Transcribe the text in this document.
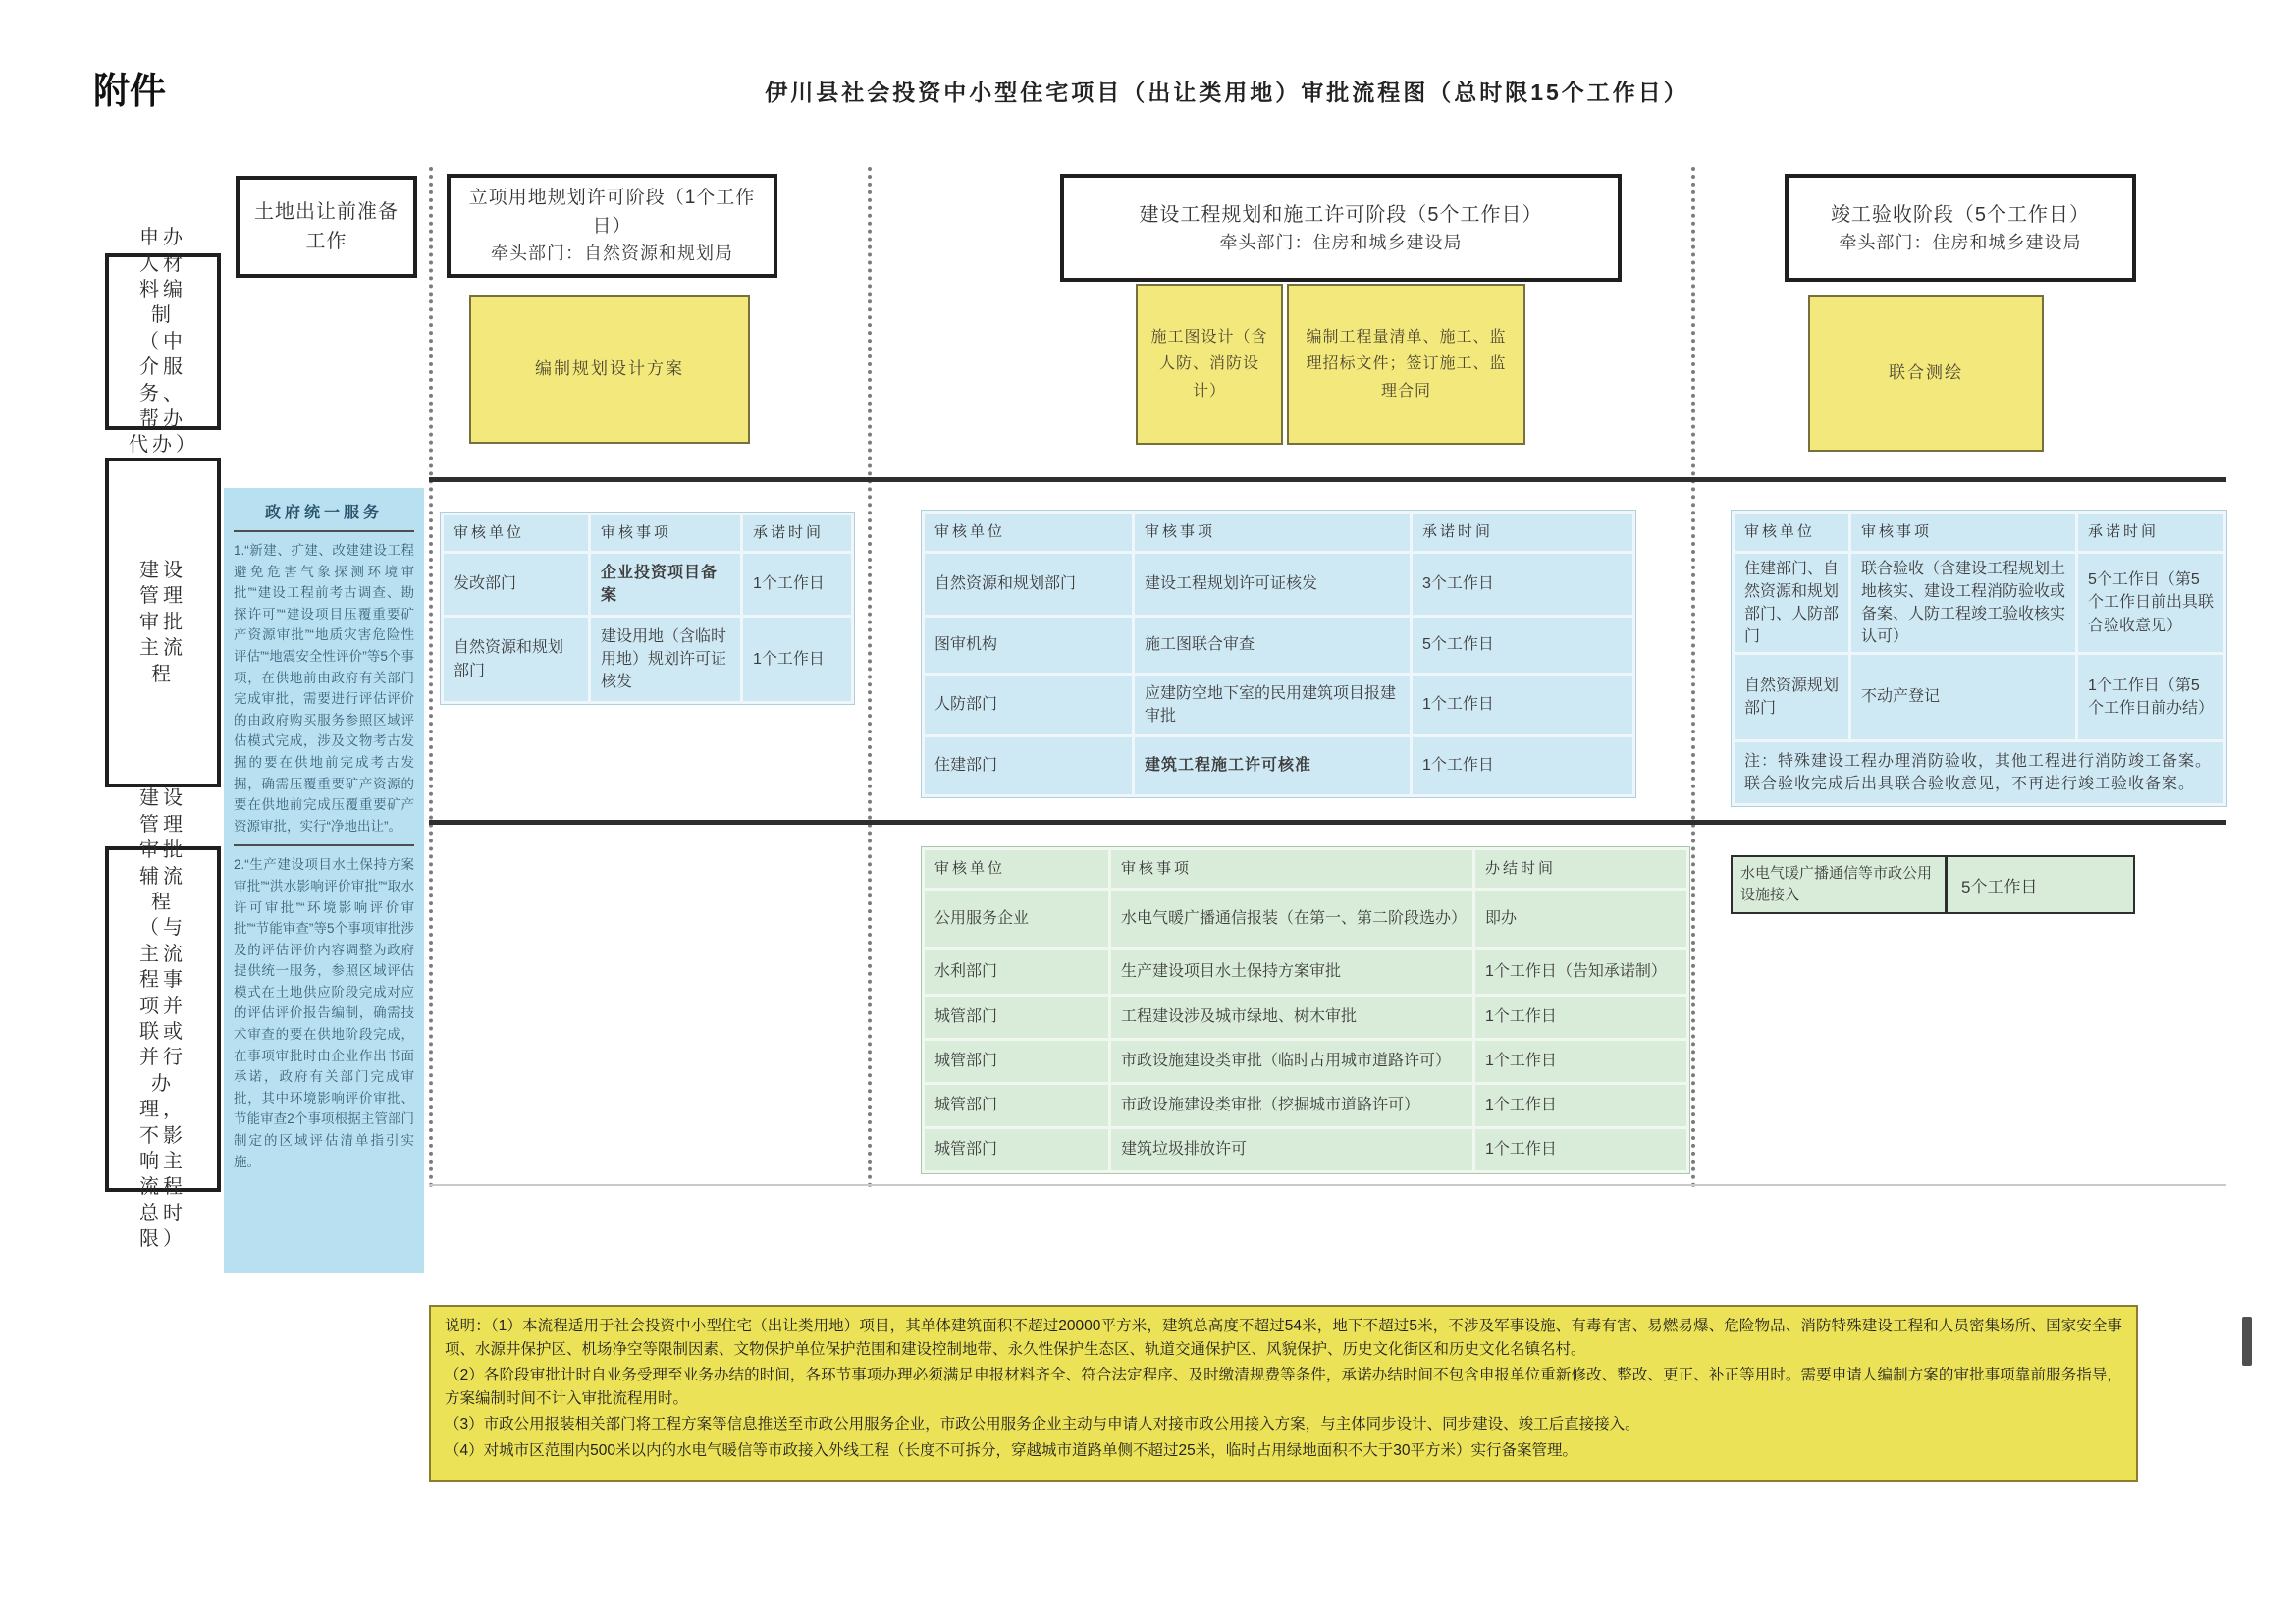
附件	伊川县社会投资中小型住宅项目（出让类用地）审批流程图（总时限15个工作日）
土地出让前准备工作
立项用地规划许可阶段（1个工作日）
牵头部门：自然资源和规划局
建设工程规划和施工许可阶段（5个工作日）
牵头部门：住房和城乡建设局
竣工验收阶段（5个工作日）
牵头部门：住房和城乡建设局
编制规划设计方案
施工图设计（含人防、消防设计）
编制工程量清单、施工、监理招标文件；签订施工、监理合同
联合测绘
申办人材料编制（中介服务、帮办代办）
建设管理审批主流程
建设管理审批辅流程（与主流程事项并联或并行办理，不影响主流程总时限）
政府统一服务

1.“新建、扩建、改建建设工程避免危害气象探测环境审批”“建设工程前考古调查、勘探许可”“建设项目压覆重要矿产资源审批”“地质灾害危险性评估”“地震安全性评价”等5个事项，在供地前由政府有关部门完成审批，需要进行评估评价的由政府购买服务参照区域评估模式完成，涉及文物考古发掘的要在供地前完成考古发掘，确需压覆重要矿产资源的要在供地前完成压覆重要矿产资源审批，实行“净地出让”。

2.“生产建设项目水土保持方案审批”“洪水影响评价审批”“取水许可审批”“环境影响评价审批”“节能审查”等5个事项审批涉及的评估评价内容调整为政府提供统一服务，参照区域评估模式在土地供应阶段完成对应的评估评价报告编制，确需技术审查的要在供地阶段完成，在事项审批时由企业作出书面承诺，政府有关部门完成审批，其中环境影响评价审批、节能审查2个事项根据主管部门制定的区域评估清单指引实施。

审核单位	审核事项	承诺时间
发改部门	企业投资项目备案	1个工作日
自然资源和规划部门	建设用地（含临时用地）规划许可证核发	1个工作日
审核单位	审核事项	承诺时间
自然资源和规划部门	建设工程规划许可证核发	3个工作日
图审机构	施工图联合审查	5个工作日
人防部门	应建防空地下室的民用建筑项目报建审批	1个工作日
住建部门	建筑工程施工许可核准	1个工作日
审核单位	审核事项	承诺时间
住建部门、自然资源和规划部门、人防部门	联合验收（含建设工程规划土地核实、建设工程消防验收或备案、人防工程竣工验收核实认可）	5个工作日（第5个工作日前出具联合验收意见）
自然资源规划部门	不动产登记	1个工作日（第5个工作日前办结）
注：特殊建设工程办理消防验收，其他工程进行消防竣工备案。联合验收完成后出具联合验收意见，不再进行竣工验收备案。		
审核单位	审核事项	办结时间
公用服务企业	水电气暖广播通信报装（在第一、第二阶段选办）	即办
水利部门	生产建设项目水土保持方案审批	1个工作日（告知承诺制）
城管部门	工程建设涉及城市绿地、树木审批	1个工作日
城管部门	市政设施建设类审批（临时占用城市道路许可）	1个工作日
城管部门	市政设施建设类审批（挖掘城市道路许可）	1个工作日
城管部门	建筑垃圾排放许可	1个工作日
水电气暖广播通信等市政公用设施接入	5个工作日

说明：（1）本流程适用于社会投资中小型住宅（出让类用地）项目，其单体建筑面积不超过20000平方米，建筑总高度不超过54米，地下不超过5米，不涉及军事设施、有毒有害、易燃易爆、危险物品、消防特殊建设工程和人员密集场所、国家安全事项、水源井保护区、机场净空等限制因素、文物保护单位保护范围和建设控制地带、永久性保护生态区、轨道交通保护区、风貌保护、历史文化街区和历史文化名镇名村。

（2）各阶段审批计时自业务受理至业务办结的时间，各环节事项办理必须满足申报材料齐全、符合法定程序、及时缴清规费等条件，承诺办结时间不包含申报单位重新修改、整改、更正、补正等用时。需要申请人编制方案的审批事项靠前服务指导，方案编制时间不计入审批流程用时。

（3）市政公用报装相关部门将工程方案等信息推送至市政公用服务企业，市政公用服务企业主动与申请人对接市政公用接入方案，与主体同步设计、同步建设、竣工后直接接入。

（4）对城市区范围内500米以内的水电气暖信等市政接入外线工程（长度不可拆分，穿越城市道路单侧不超过25米，临时占用绿地面积不大于30平方米）实行备案管理。
